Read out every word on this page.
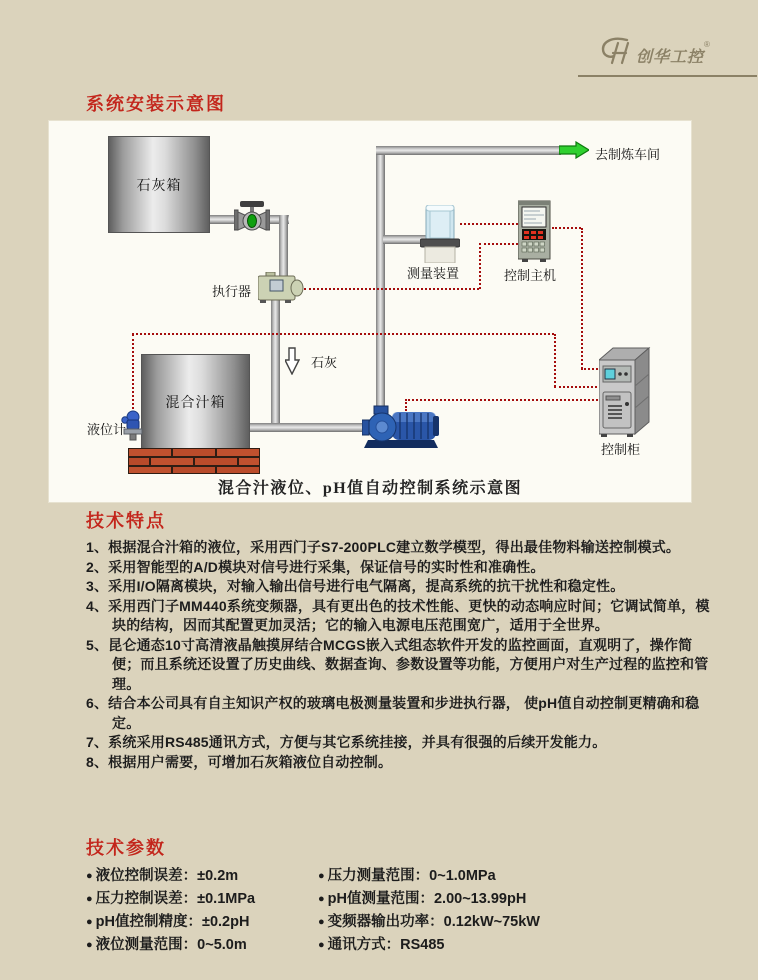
创华工控
®
系统安装示意图
石灰箱
执行器
石灰
混合汁箱
液位计
测量装置	控制主机
控制柜
去制炼车间
混合汁液位、pH值自动控制系统示意图
技术特点
1、根据混合汁箱的液位，采用西门子S7-200PLC建立数学模型，得出最佳物料输送控制模式。
2、采用智能型的A/D模块对信号进行采集，保证信号的实时性和准确性。
3、采用I/O隔离模块，对输入输出信号进行电气隔离，提高系统的抗干扰性和稳定性。
4、采用西门子MM440系统变频器，具有更出色的技术性能、更快的动态响应时间；它调试简单，模块的结构，因而其配置更加灵活；它的输入电源电压范围宽广，适用于全世界。
5、昆仑通态10寸高清液晶触摸屏结合MCGS嵌入式组态软件开发的监控画面，直观明了，操作简便；而且系统还设置了历史曲线、数据查询、参数设置等功能，方便用户对生产过程的监控和管理。
6、结合本公司具有自主知识产权的玻璃电极测量装置和步进执行器， 使pH值自动控制更精确和稳定。
7、系统采用RS485通讯方式，方便与其它系统挂接，并具有很强的后续开发能力。
8、根据用户需要，可增加石灰箱液位自动控制。
技术参数
● 液位控制误差：±0.2m
● 压力控制误差：±0.1MPa
● pH值控制精度：±0.2pH
● 液位测量范围：0~5.0m
● 压力测量范围：0~1.0MPa
● pH值测量范围：2.00~13.99pH
● 变频器输出功率：0.12kW~75kW
● 通讯方式：RS485
